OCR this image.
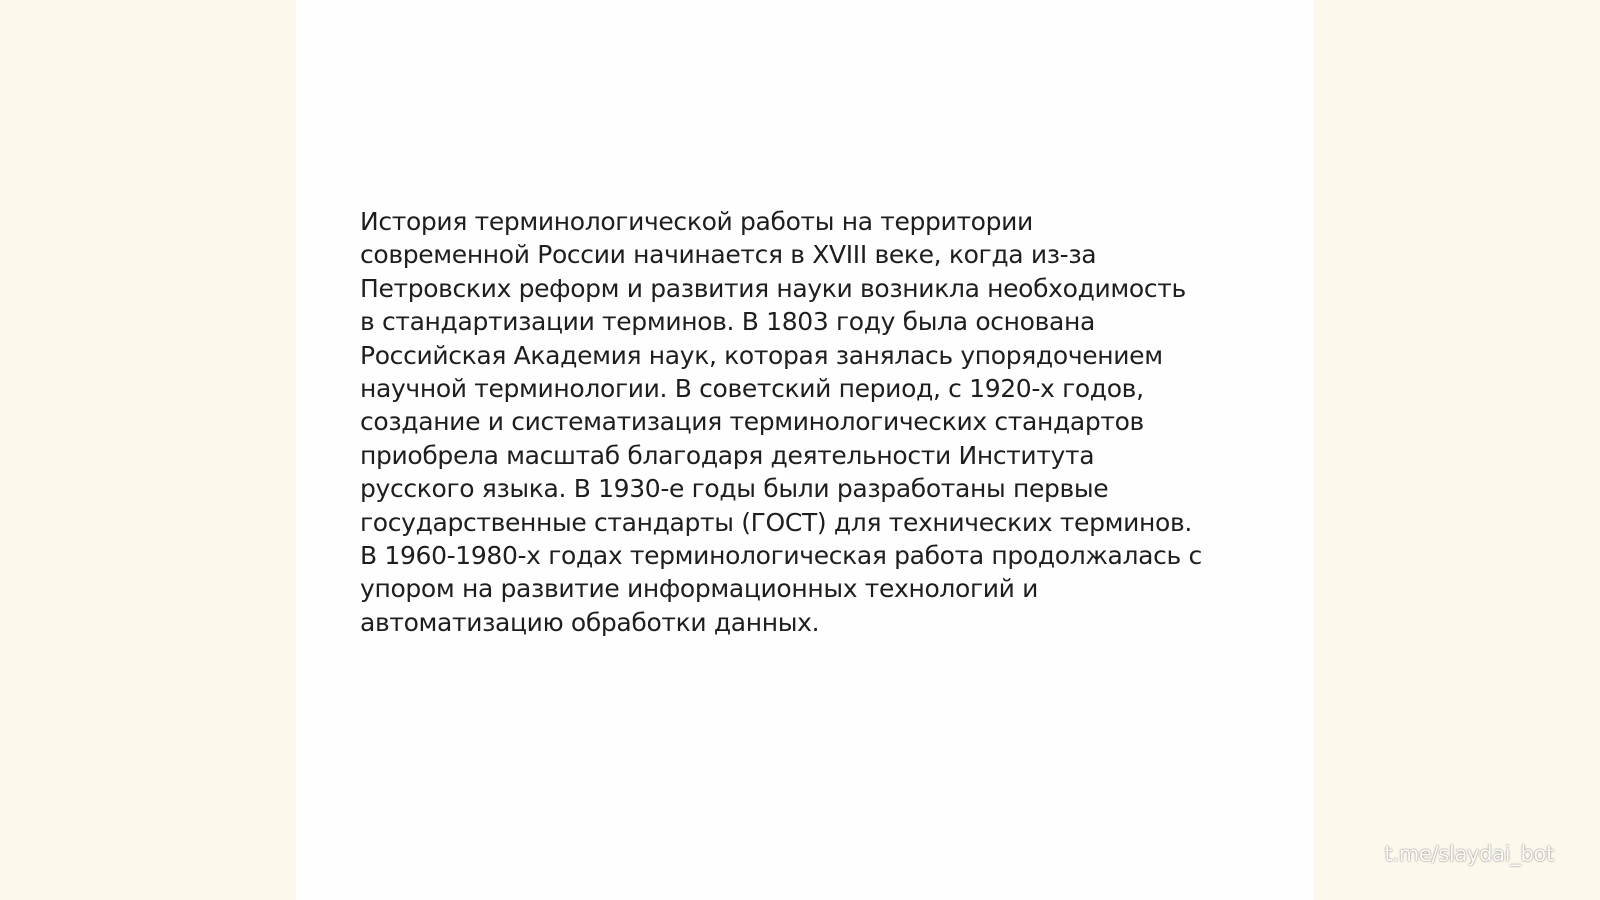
История терминологической работы на территории
современной России начинается в XVIII веке, когда из-за
Петровских реформ и развития науки возникла необходимость
в стандартизации терминов. В 1803 году была основана
Российская Академия наук, которая занялась упорядочением
научной терминологии. В советский период, с 1920-х годов,
создание и систематизация терминологических стандартов
приобрела масштаб благодаря деятельности Института
русского языка. В 1930-е годы были разработаны первые
государственные стандарты (ГОСТ) для технических терминов.
В 1960-1980-х годах терминологическая работа продолжалась с
упором на развитие информационных технологий и
автоматизацию обработки данных.

t.me/slaydai_bot
